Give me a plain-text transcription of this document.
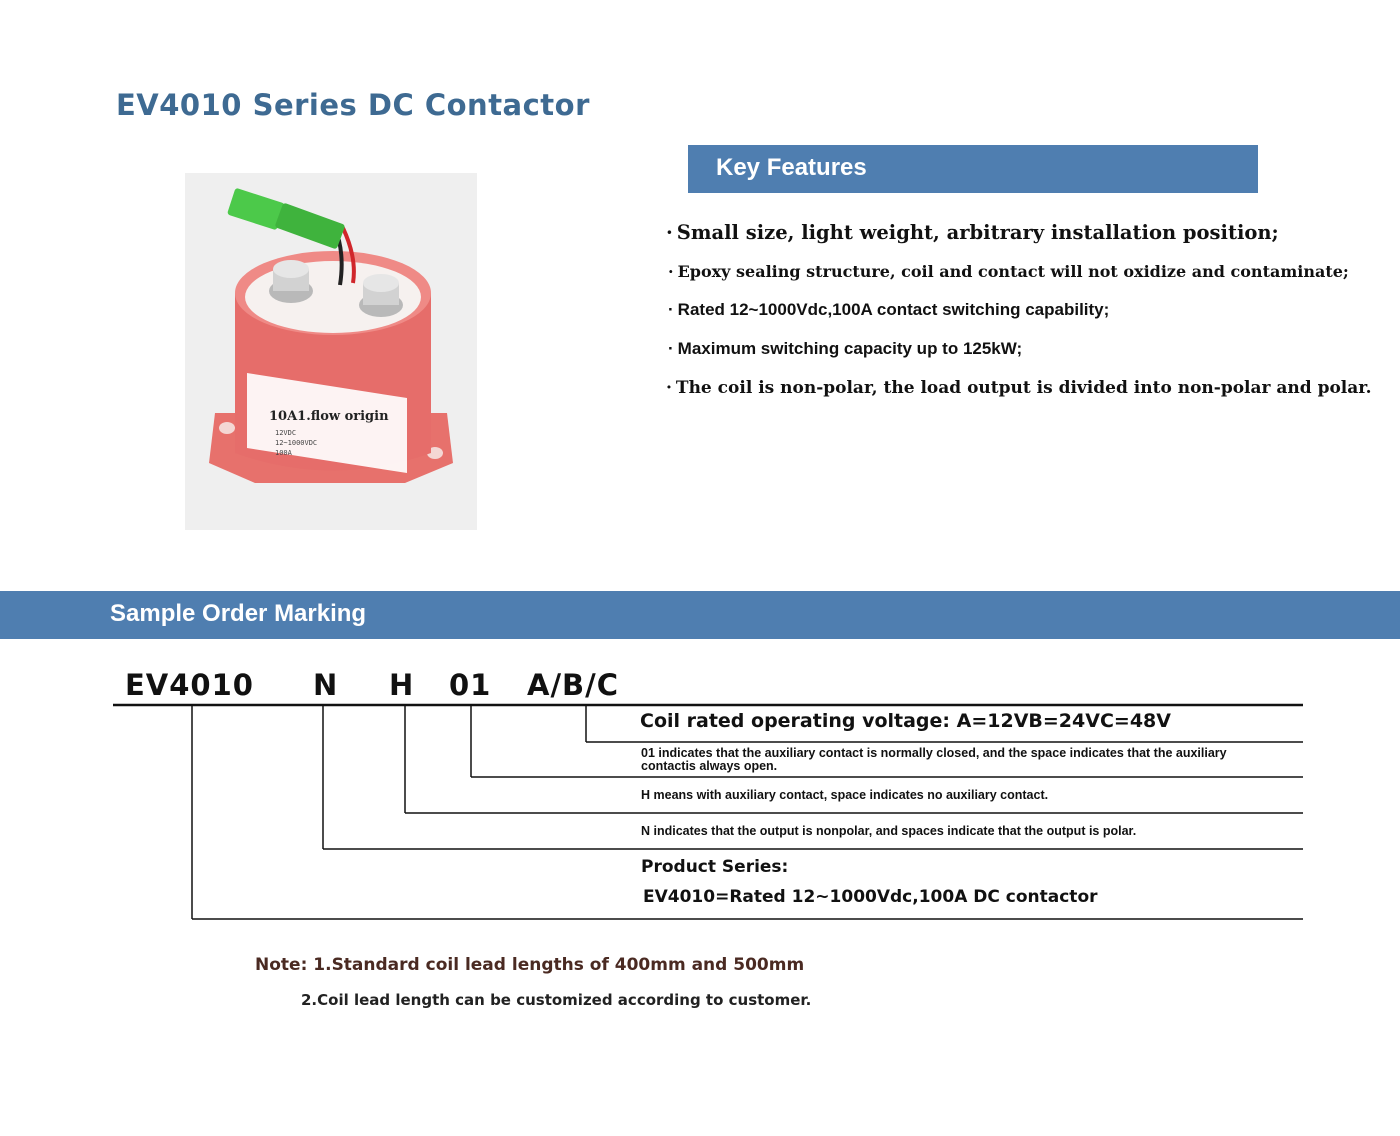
EV4010 Series DC Contactor
12VDC
12~1000VDC
100A
10A1.flow origin
Key Features
· Small size, light weight, arbitrary installation position;
· Epoxy sealing structure, coil and contact will not oxidize and contaminate;
· Rated 12~1000Vdc,100A contact switching capability;
· Maximum switching capacity up to 125kW;
· The coil is non-polar, the load output is divided into non-polar and polar.
Sample Order Marking
EV4010 N H 01 A/B/C
Coil rated operating voltage: A=12VB=24VC=48V
01 indicates that the auxiliary contact is normally closed, and the space indicates that the auxiliary
contactis always open.
H means with auxiliary contact, space indicates no auxiliary contact.
N indicates that the output is nonpolar, and spaces indicate that the output is polar.
Product Series:
EV4010=Rated 12~1000Vdc,100A DC contactor
Note: 1.Standard coil lead lengths of 400mm and 500mm
2.Coil lead length can be customized according to customer.
